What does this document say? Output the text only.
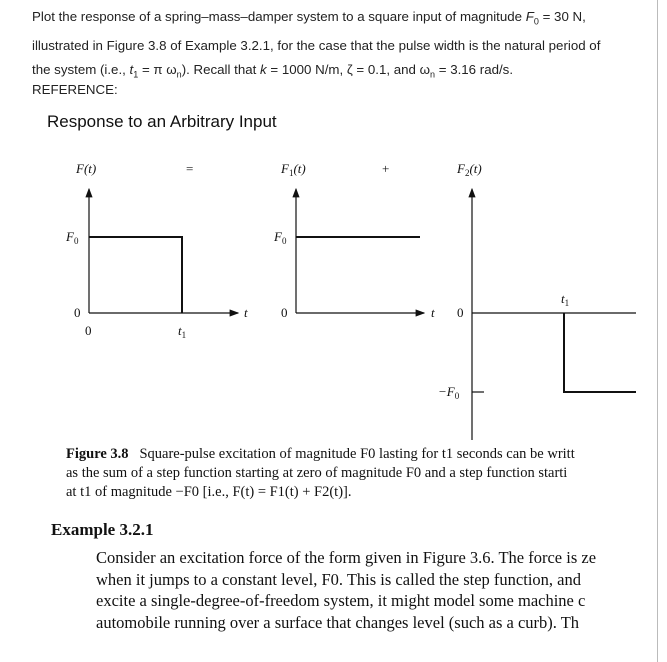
Plot the response of a spring–mass–damper system to a square input of magnitude $F_0 = 30$ N,
illustrated in Figure 3.8 of Example 3.2.1, for the case that the pulse width is the natural period of
the system (i.e., $t_1 = \pi$ $\omega_n$). Recall that k = 1000 N/m, ζ = 0.1, and $\omega_n = 3.16$ rad/s.
REFERENCE:
Response to an Arbitrary Input
F(t)	=	$F_1(t)$	+	$F_2(t)$
$F_0$	$F_0$
$-F_0$
0
0
0	0
t	t
$t_1$
$t_1$
Figure 3.8 Square-pulse excitation of magnitude F0 lasting for t1 seconds can be writt
as the sum of a step function starting at zero of magnitude F0 and a step function starti
at t1 of magnitude −F0 [i.e., F(t) = F1(t) + F2(t)].
Example 3.2.1
Consider an excitation force of the form given in Figure 3.6. The force is ze
when it jumps to a constant level, F0. This is called the step function, and
excite a single-degree-of-freedom system, it might model some machine c
automobile running over a surface that changes level (such as a curb). Th
